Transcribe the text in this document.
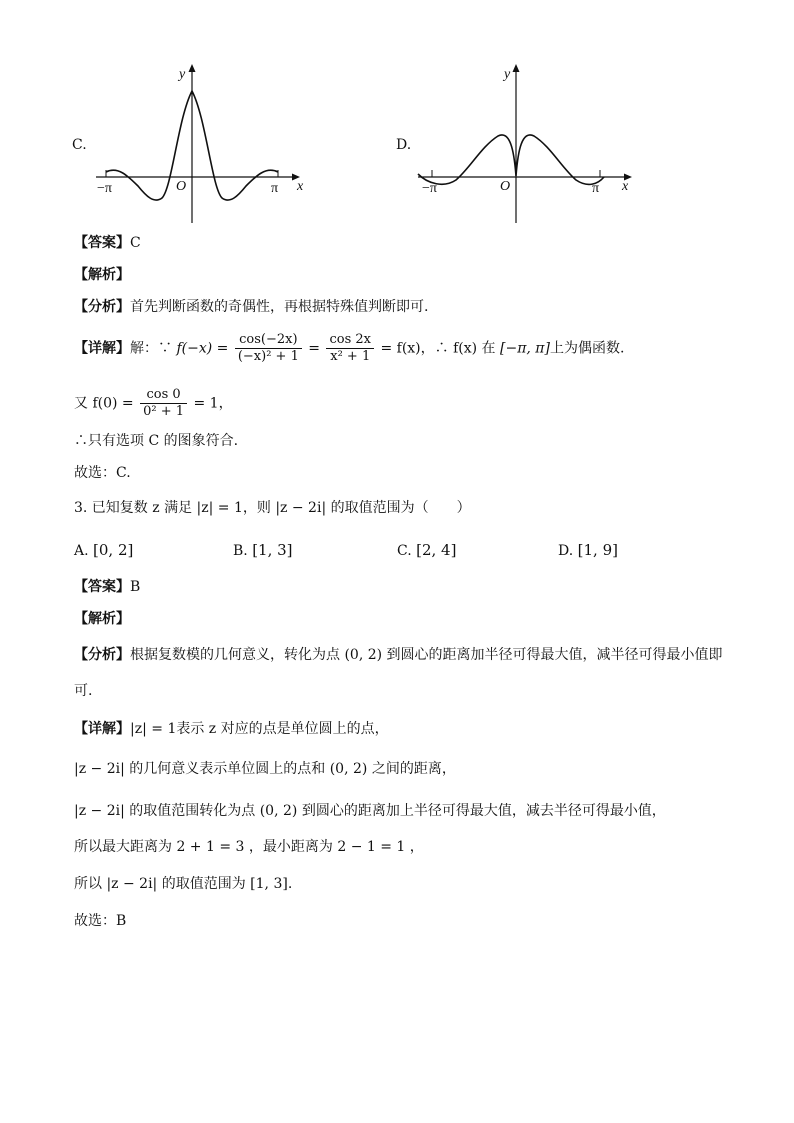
C.
y
x
O
−π	π
D.
y
x
O
−π	π
【答案】C
【解析】
【分析】首先判断函数的奇偶性，再根据特殊值判断即可.
【详解】解：∵ $f(-x) = \frac{\cos(-2x)}{\text{(−x)² + 1}} = \frac{\cos 2x}{\text{x² + 1}} = f(x)$，∴ f(x) 在 [−π, π]上为偶函数.
又 $f(0) = \frac{\cos 0}{\text{0² + 1}} = 1$，
∴只有选项 C 的图象符合.
故选：C.
3. 已知复数 z 满足 |z| = 1，则 |z − 2i| 的取值范围为（　　）
A. [0, 2]	B. [1, 3]	C. [2, 4]	D. [1, 9]
【答案】B
【解析】
【分析】根据复数模的几何意义，转化为点 (0, 2) 到圆心的距离加半径可得最大值，减半径可得最小值即
可.
【详解】|z| = 1表示 z 对应的点是单位圆上的点，
|z − 2i| 的几何意义表示单位圆上的点和 (0, 2) 之间的距离，
|z − 2i| 的取值范围转化为点 (0, 2) 到圆心的距离加上半径可得最大值，减去半径可得最小值，
所以最大距离为 2 + 1 = 3 ，最小距离为 2 − 1 = 1 ，
所以 |z − 2i| 的取值范围为 [1, 3].
故选：B
